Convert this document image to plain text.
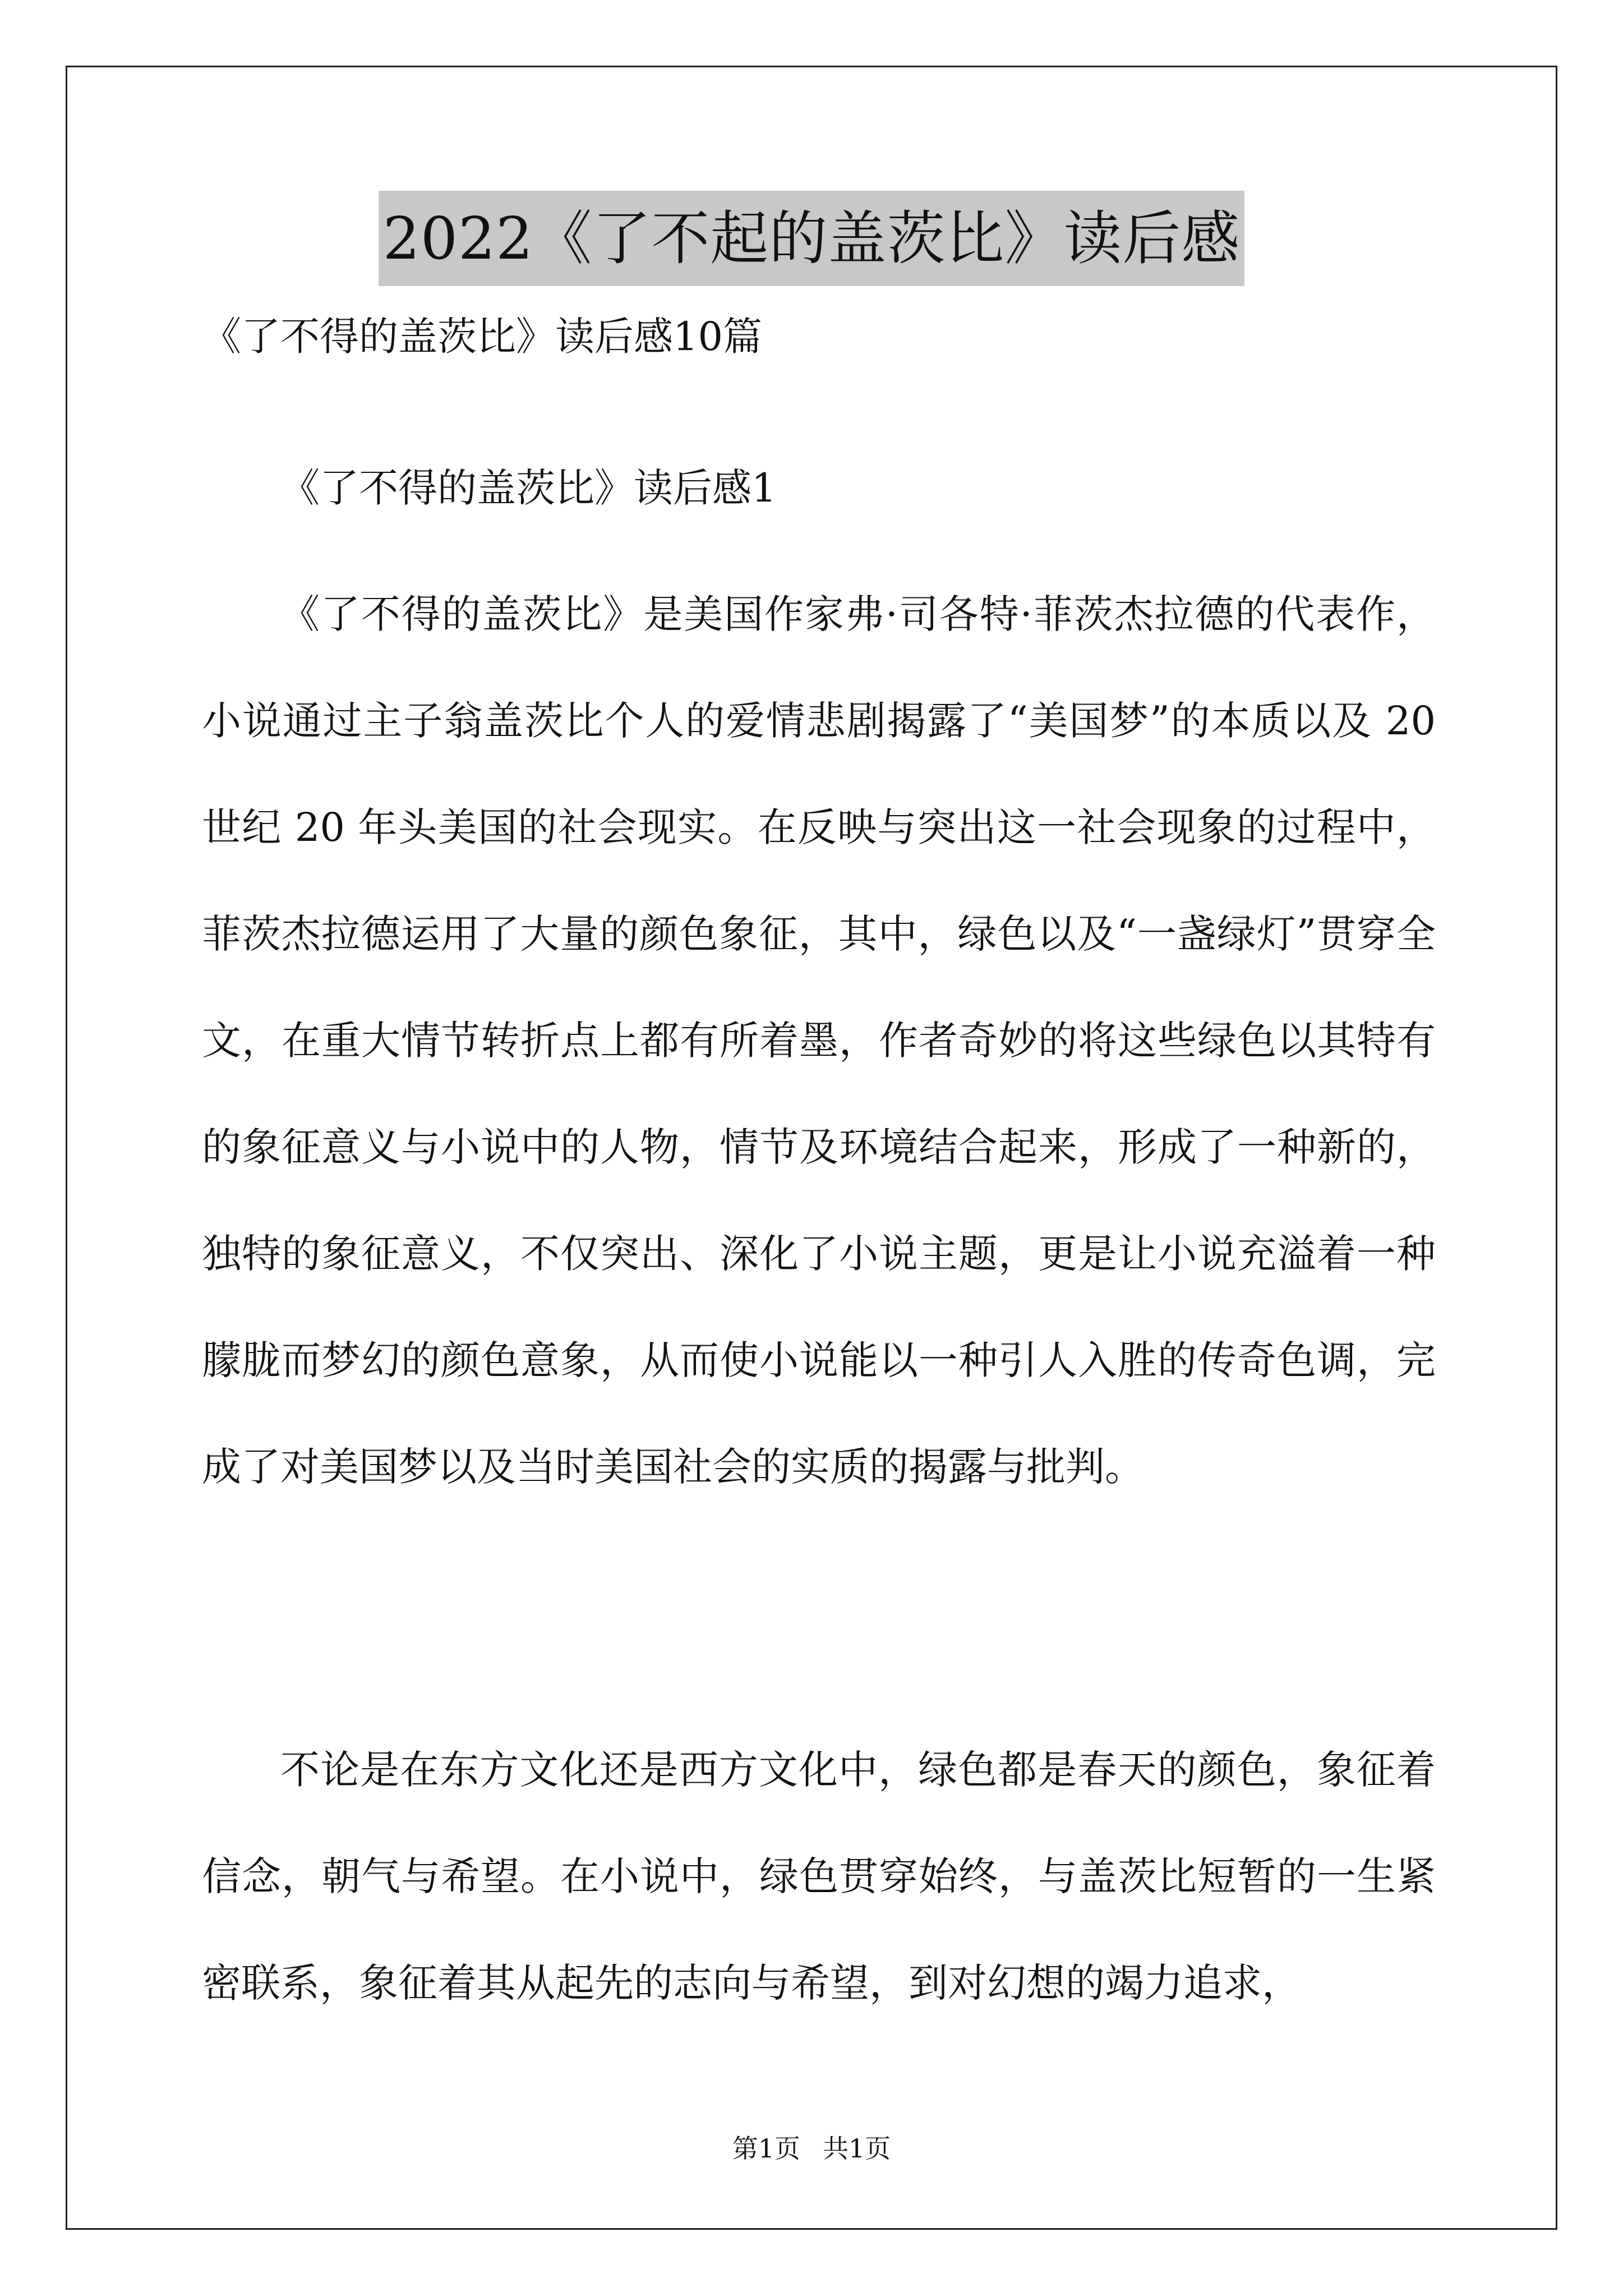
2022《了不起的盖茨比》读后感
《了不得的盖茨比》读后感10篇
《了不得的盖茨比》读后感1

《了不得的盖茨比》是美国作家弗·司各特·菲茨杰拉德的代表作，小说通过主子翁盖茨比个人的爱情悲剧揭露了“美国梦”的本质以及 20 世纪 20 年头美国的社会现实。在反映与突出这一社会现象的过程中，菲茨杰拉德运用了大量的颜色象征，其中，绿色以及“一盏绿灯”贯穿全文，在重大情节转折点上都有所着墨，作者奇妙的将这些绿色以其特有的象征意义与小说中的人物，情节及环境结合起来，形成了一种新的，独特的象征意义，不仅突出、深化了小说主题，更是让小说充溢着一种朦胧而梦幻的颜色意象，从而使小说能以一种引人入胜的传奇色调，完成了对美国梦以及当时美国社会的实质的揭露与批判。

不论是在东方文化还是西方文化中，绿色都是春天的颜色，象征着信念，朝气与希望。在小说中，绿色贯穿始终，与盖茨比短暂的一生紧密联系，象征着其从起先的志向与希望，到对幻想的竭力追求，

第1页 共1页
